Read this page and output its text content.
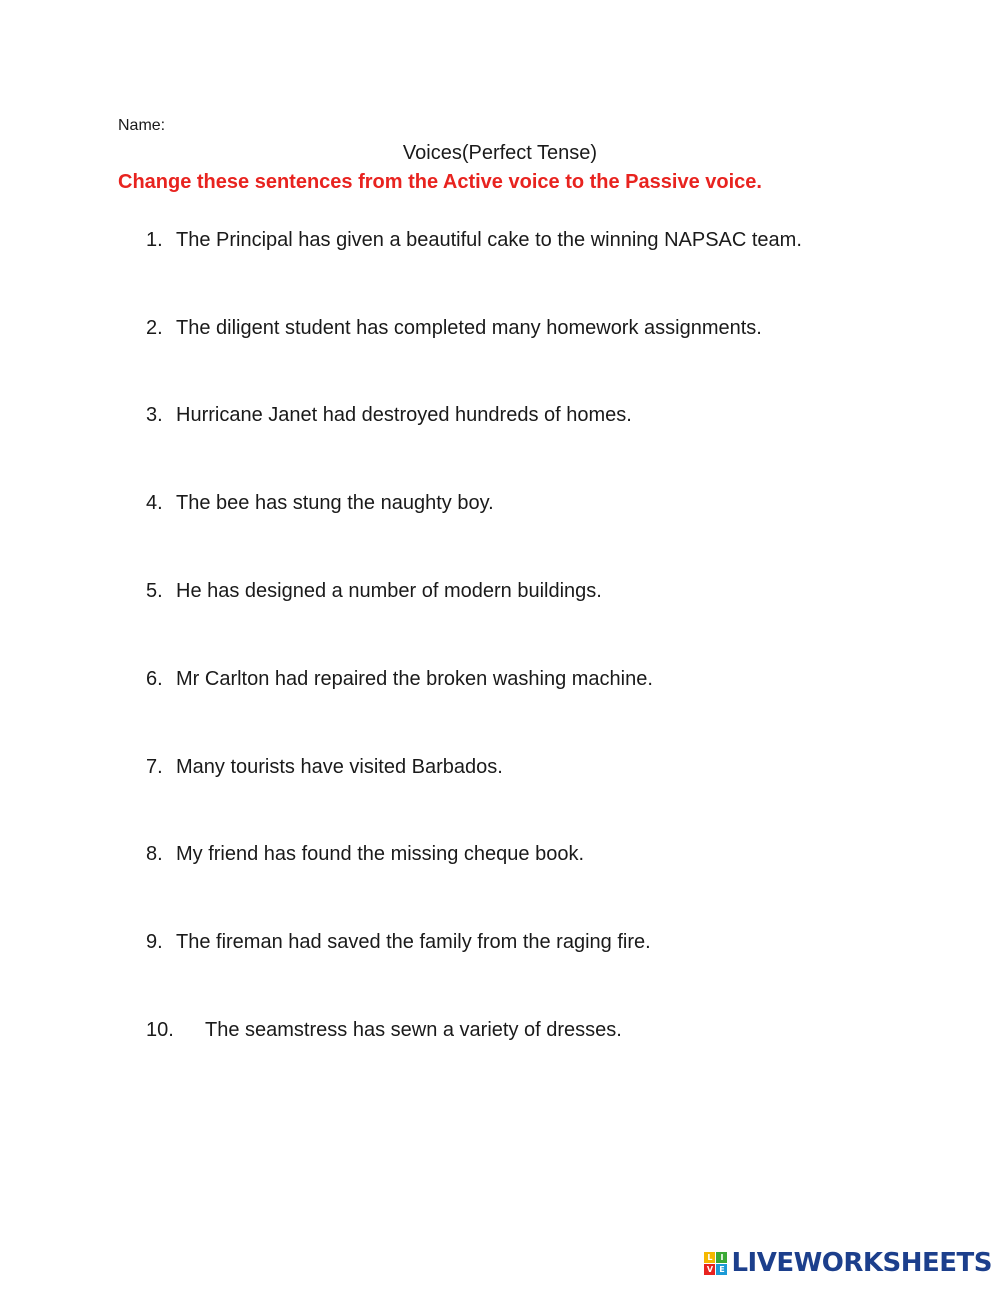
Name:
Voices(Perfect Tense)
Change these sentences from the Active voice to the Passive voice.
1. The Principal has given a beautiful cake to the winning NAPSAC team.
2. The diligent student has completed many homework assignments.
3. Hurricane Janet had destroyed hundreds of homes.
4. The bee has stung the naughty boy.
5. He has designed a number of modern buildings.
6. Mr Carlton had repaired the broken washing machine.
7. Many tourists have visited Barbados.
8. My friend has found the missing cheque book.
9. The fireman had saved the family from the raging fire.
10. The seamstress has sewn a variety of dresses.
L I
V E LIVEWORKSHEETS
